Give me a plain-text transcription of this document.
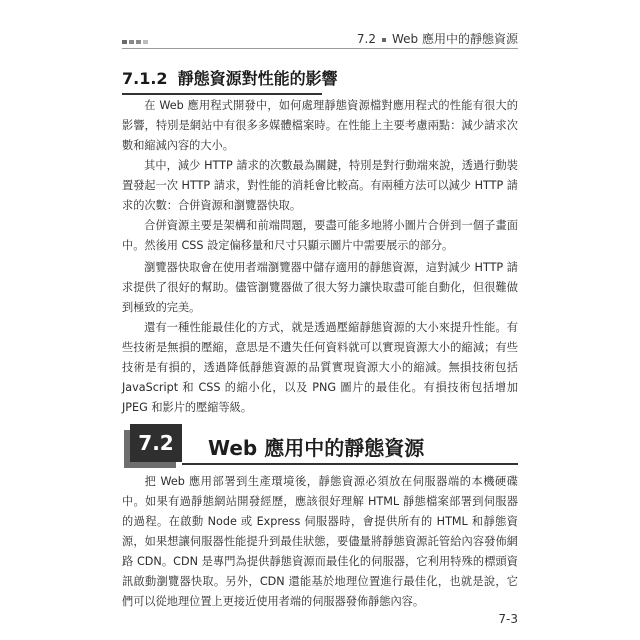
7.2 Web 應用中的靜態資源
7.1.2 靜態資源對性能的影響

在 Web 應用程式開發中，如何處理靜態資源檔對應用程式的性能有很大的影響，特別是網站中有很多多媒體檔案時。在性能上主要考慮兩點：減少請求次數和縮減內容的大小。

其中，減少 HTTP 請求的次數最為關鍵，特別是對行動端來說，透過行動裝置發起一次 HTTP 請求，對性能的消耗會比較高。有兩種方法可以減少 HTTP 請求的次數：合併資源和瀏覽器快取。

合併資源主要是架構和前端問題，要盡可能多地將小圖片合併到一個子畫面中。然後用 CSS 設定偏移量和尺寸只顯示圖片中需要展示的部分。

瀏覽器快取會在使用者端瀏覽器中儲存適用的靜態資源，這對減少 HTTP 請求提供了很好的幫助。儘管瀏覽器做了很大努力讓快取盡可能自動化，但很難做到極致的完美。

還有一種性能最佳化的方式，就是透過壓縮靜態資源的大小來提升性能。有些技術是無損的壓縮，意思是不遺失任何資料就可以實現資源大小的縮減；有些技術是有損的，透過降低靜態資源的品質實現資源大小的縮減。無損技術包括 JavaScript 和 CSS 的縮小化，以及 PNG 圖片的最佳化。有損技術包括增加 JPEG 和影片的壓縮等級。

7.2	Web 應用中的靜態資源

把 Web 應用部署到生產環境後，靜態資源必須放在伺服器端的本機硬碟中。如果有過靜態網站開發經歷，應該很好理解 HTML 靜態檔案部署到伺服器的過程。在啟動 Node 或 Express 伺服器時，會提供所有的 HTML 和靜態資源，如果想讓伺服器性能提升到最佳狀態，要儘量將靜態資源託管給內容發佈網路 CDN。CDN 是專門為提供靜態資源而最佳化的伺服器，它利用特殊的標頭資訊啟動瀏覽器快取。另外，CDN 還能基於地理位置進行最佳化，也就是說，它們可以從地理位置上更接近使用者端的伺服器發佈靜態內容。

7-3
